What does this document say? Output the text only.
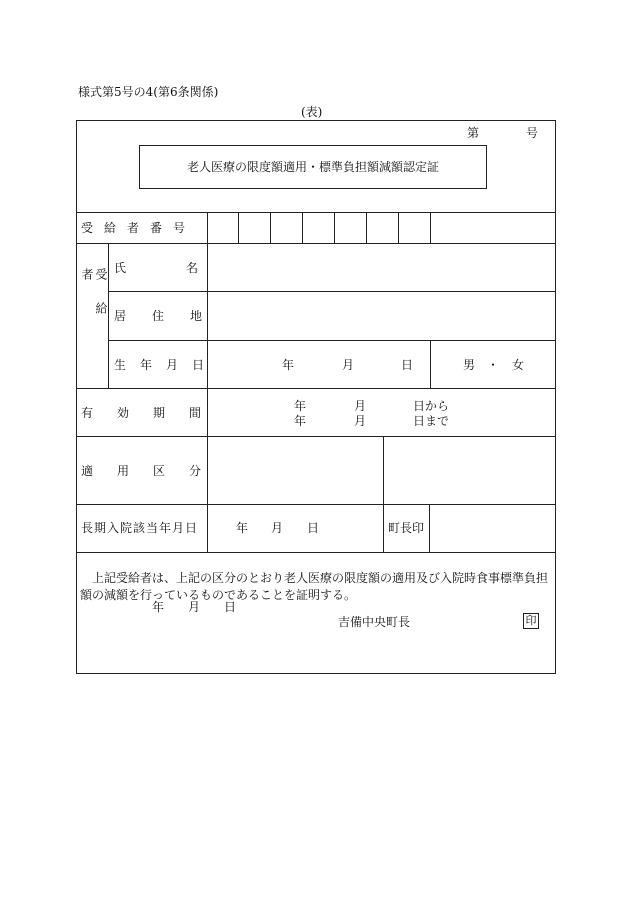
様式第5号の4(第6条関係)
(表)
第	号
老人医療の限度額適用・標準負担額減額認定証
受給者番号
受給者	氏名
居住地
生年月日	年	月	日	男 ・ 女
有効期間	年	月	日から
年	月	日まで
適用区分
長期入院該当年月日	年 月 日	町長印
上記受給者は、上記の区分のとおり老人医療の限度額の適用及び入院時食事標準負担額の減額を行っているものであることを証明する。
年 月 日
吉備中央町長	印
